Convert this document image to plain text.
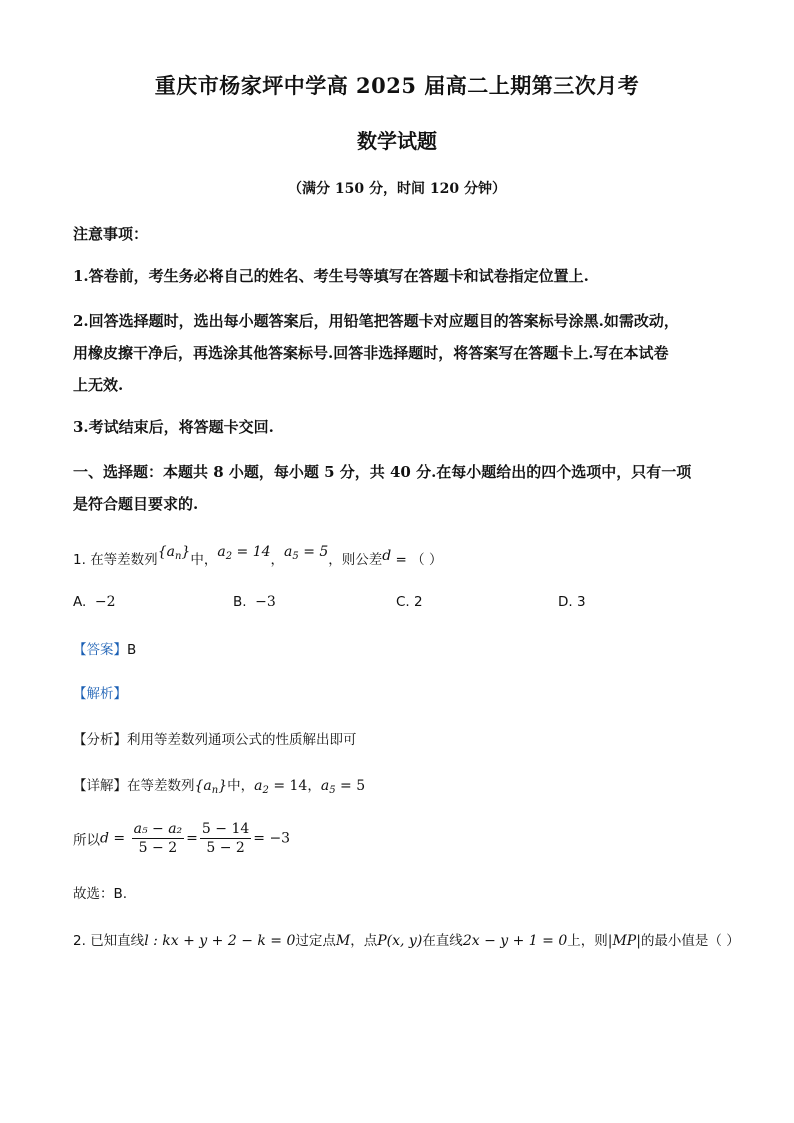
重庆市杨家坪中学高 2025 届高二上期第三次月考
数学试题
（满分 150 分，时间 120 分钟）
注意事项：
1.答卷前，考生务必将自己的姓名、考生号等填写在答题卡和试卷指定位置上.
2.回答选择题时，选出每小题答案后，用铅笔把答题卡对应题目的答案标号涂黑.如需改动，
用橡皮擦干净后，再选涂其他答案标号.回答非选择题时，将答案写在答题卡上.写在本试卷
上无效.
3.考试结束后，将答题卡交回.
一、选择题：本题共 8 小题，每小题 5 分，共 40 分.在每小题给出的四个选项中，只有一项
是符合题目要求的.
1. 在等差数列$\{a_n\}$中，$a_2 = 14$，$a_5 = 5$，则公差d = （ ）
A. −2	B. −3	C. 2	D. 3
【答案】B
【解析】
【分析】利用等差数列通项公式的性质解出即可
【详解】在等差数列$\{a_n\}$中，$a_2 = 14$，$a_5 = 5$
所以$d = \frac{\text{a₅ − a₂}}{5 - 2} = \frac{5 - 14}{5 - 2} = -3$
故选：B.
2. 已知直线l : kx + y + 2 − k = 0过定点M，点P(x, y)在直线2x − y + 1 = 0上，则|MP|的最小值是（ ）
